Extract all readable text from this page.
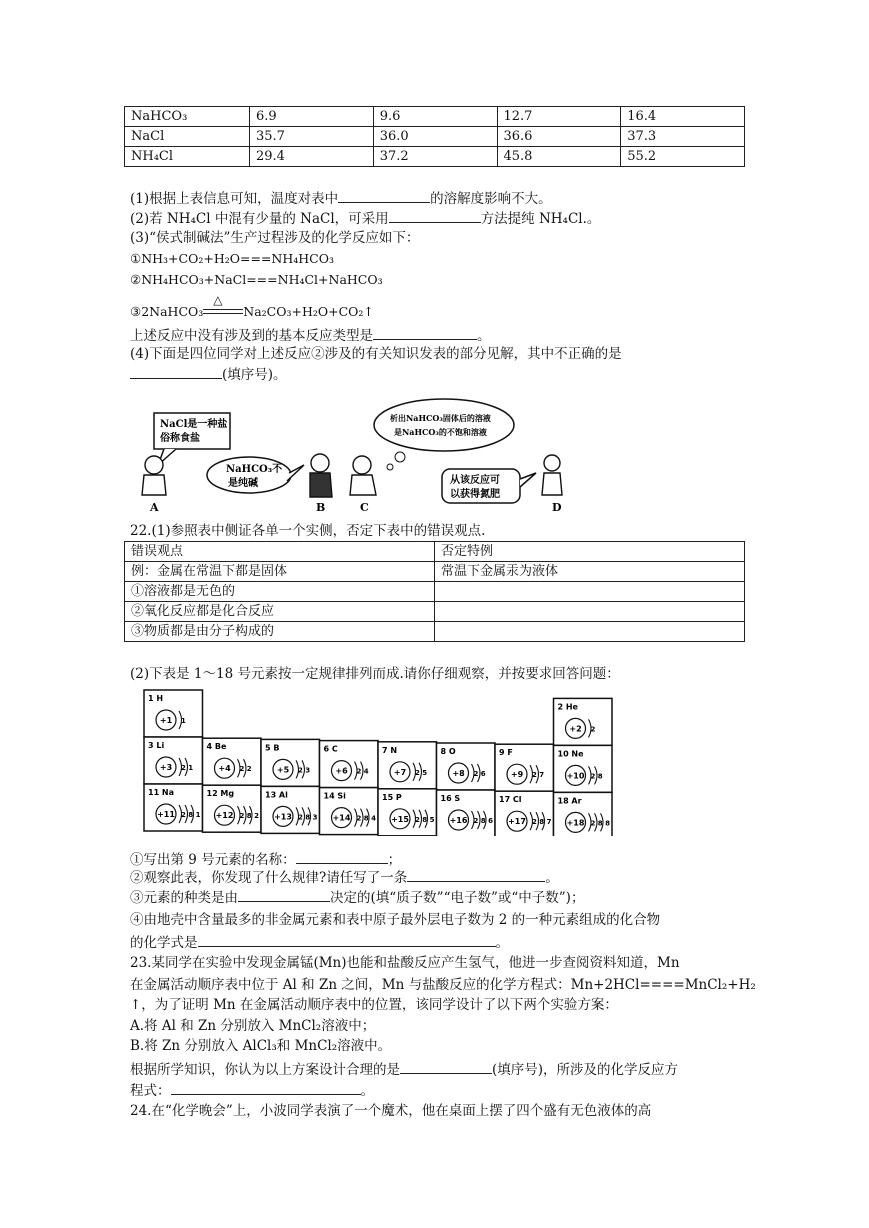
NaHCO₃	6.9	9.6	12.7	16.4
NaCl	35.7	36.0	36.6	37.3
NH₄Cl	29.4	37.2	45.8	55.2
(1)根据上表信息可知，温度对表中	的溶解度影响不大。
(2)若 NH₄Cl 中混有少量的 NaCl，可采用	方法提纯 NH₄Cl.。
(3)“侯式制碱法”生产过程涉及的化学反应如下：
①NH₃+CO₂+H₂O===NH₄HCO₃
②NH₄HCO₃+NaCl===NH₄Cl+NaHCO₃
③2NaHCO₃
△
Na₂CO₃+H₂O+CO₂↑
上述反应中没有涉及到的基本反应类型是	。
(4)下面是四位同学对上述反应②涉及的有关知识发表的部分见解，其中不正确的是
(填序号)。
NaCl是一种盐
俗称食盐
NaHCO₃不
是纯碱
析出NaHCO₃固体后的溶液
是NaHCO₃的不饱和溶液
从该反应可
以获得氮肥
A	B	C	D
22.(1)参照表中侧证各单一个实侧，否定下表中的错误观点.
错误观点	否定特例
例：金属在常温下都是固体	常温下金属汞为液体
①溶液都是无色的	
②氧化反应都是化合反应	
③物质都是由分子构成的	
(2)下表是 1～18 号元素按一定规律排列而成.请你仔细观察，并按要求回答问题：
1 H
+1 1
2 He
+2 2
3 Li
+3 2 1
4 Be
+4 2 2
5 B
+5 2 3
6 C
+6 2 4
7 N
+7 2 5
8 O
+8 2 6
9 F
+9 2 7
10 Ne
+10 2 8
11 Na
+11 2 8 1
12 Mg
+12 2 8 2
13 Al
+13 2 8 3
14 Si
+14 2 8 4
15 P
+15 2 8 5
16 S
+16 2 8 6
17 Cl
+17 2 8 7
18 Ar
+18 2 8 8
①写出第 9 号元素的名称：	；
②观察此表，你发现了什么规律?请任写了一条	。
③元素的种类是由	决定的(填“质子数”“电子数”或“中子数”)；
④由地壳中含量最多的非金属元素和表中原子最外层电子数为 2 的一种元素组成的化合物
的化学式是	。
23.某同学在实验中发现金属锰(Mn)也能和盐酸反应产生氢气，他进一步查阅资料知道，Mn
在金属活动顺序表中位于 Al 和 Zn 之间，Mn 与盐酸反应的化学方程式：Mn+2HCl====MnCl₂+H₂
↑，为了证明 Mn 在金属活动顺序表中的位置，该同学设计了以下两个实验方案：
A.将 Al 和 Zn 分别放入 MnCl₂溶液中；
B.将 Zn 分别放入 AlCl₃和 MnCl₂溶液中。
根据所学知识，你认为以上方案设计合理的是	(填序号)，所涉及的化学反应方
程式：	。
24.在“化学晚会”上，小波同学表演了一个魔术，他在桌面上摆了四个盛有无色液体的高
